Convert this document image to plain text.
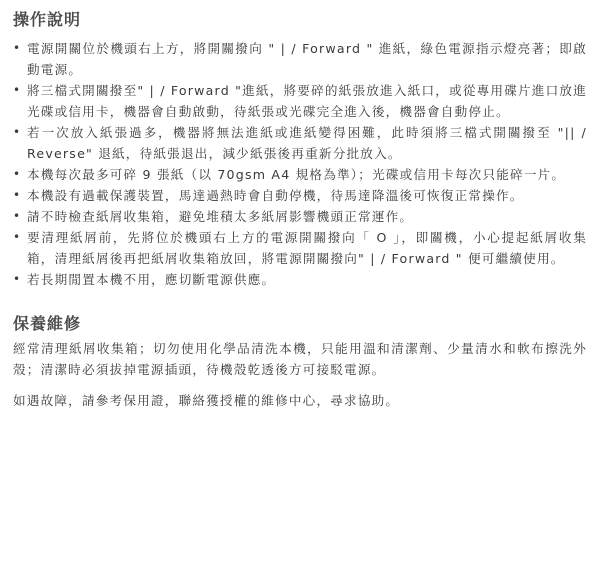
操作說明
• 電源開關位於機頭右上方，將開關撥向 " | / Forward " 進紙，綠色電源指示燈亮著；即啟動電源。
• 將三檔式開關撥至" | / Forward "進紙，將要碎的紙張放進入紙口，或從專用碟片進口放進光碟或信用卡，機器會自動啟動，待紙張或光碟完全進入後，機器會自動停止。
• 若一次放入紙張過多，機器將無法進紙或進紙變得困難，此時須將三檔式開關撥至 "|| / Reverse" 退紙，待紙張退出，減少紙張後再重新分批放入。
• 本機每次最多可碎 9 張紙（以 70gsm A4 規格為準）；光碟或信用卡每次只能碎一片。
• 本機設有過載保護裝置，馬達過熱時會自動停機，待馬達降溫後可恢復正常操作。
• 請不時檢查紙屑收集箱，避免堆積太多紙屑影響機頭正常運作。
• 要清理紙屑前，先將位於機頭右上方的電源開關撥向「 O 」，即關機，小心提起紙屑收集箱，清理紙屑後再把紙屑收集箱放回，將電源開關撥向" | / Forward " 便可繼續使用。
• 若長期閒置本機不用，應切斷電源供應。
保養維修

經常清理紙屑收集箱；切勿使用化學品清洗本機，只能用溫和清潔劑、少量清水和軟布擦洗外殼；清潔時必須拔掉電源插頭，待機殼乾透後方可接駁電源。

如遇故障，請參考保用證，聯絡獲授權的維修中心，尋求協助。
